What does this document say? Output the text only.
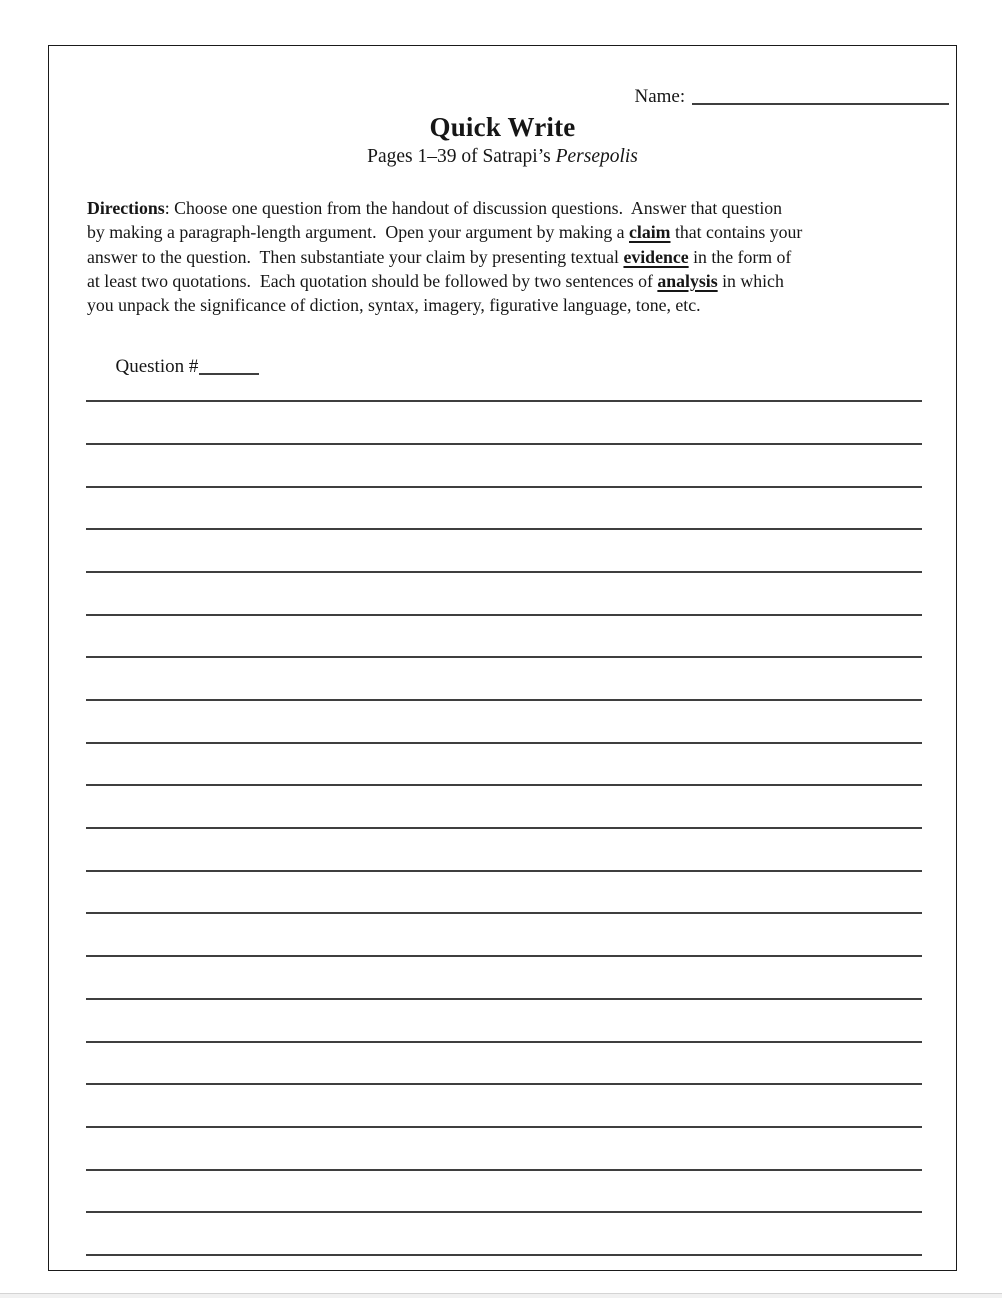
Name:

Quick Write
Pages 1–39 of Satrapi’s Persepolis
Directions: Choose one question from the handout of discussion questions.  Answer that question
by making a paragraph-length argument.  Open your argument by making a claim that contains your
answer to the question.  Then substantiate your claim by presenting textual evidence in the form of
at least two quotations.  Each quotation should be followed by two sentences of analysis in which
you unpack the significance of diction, syntax, imagery, figurative language, tone, etc.

Question #
